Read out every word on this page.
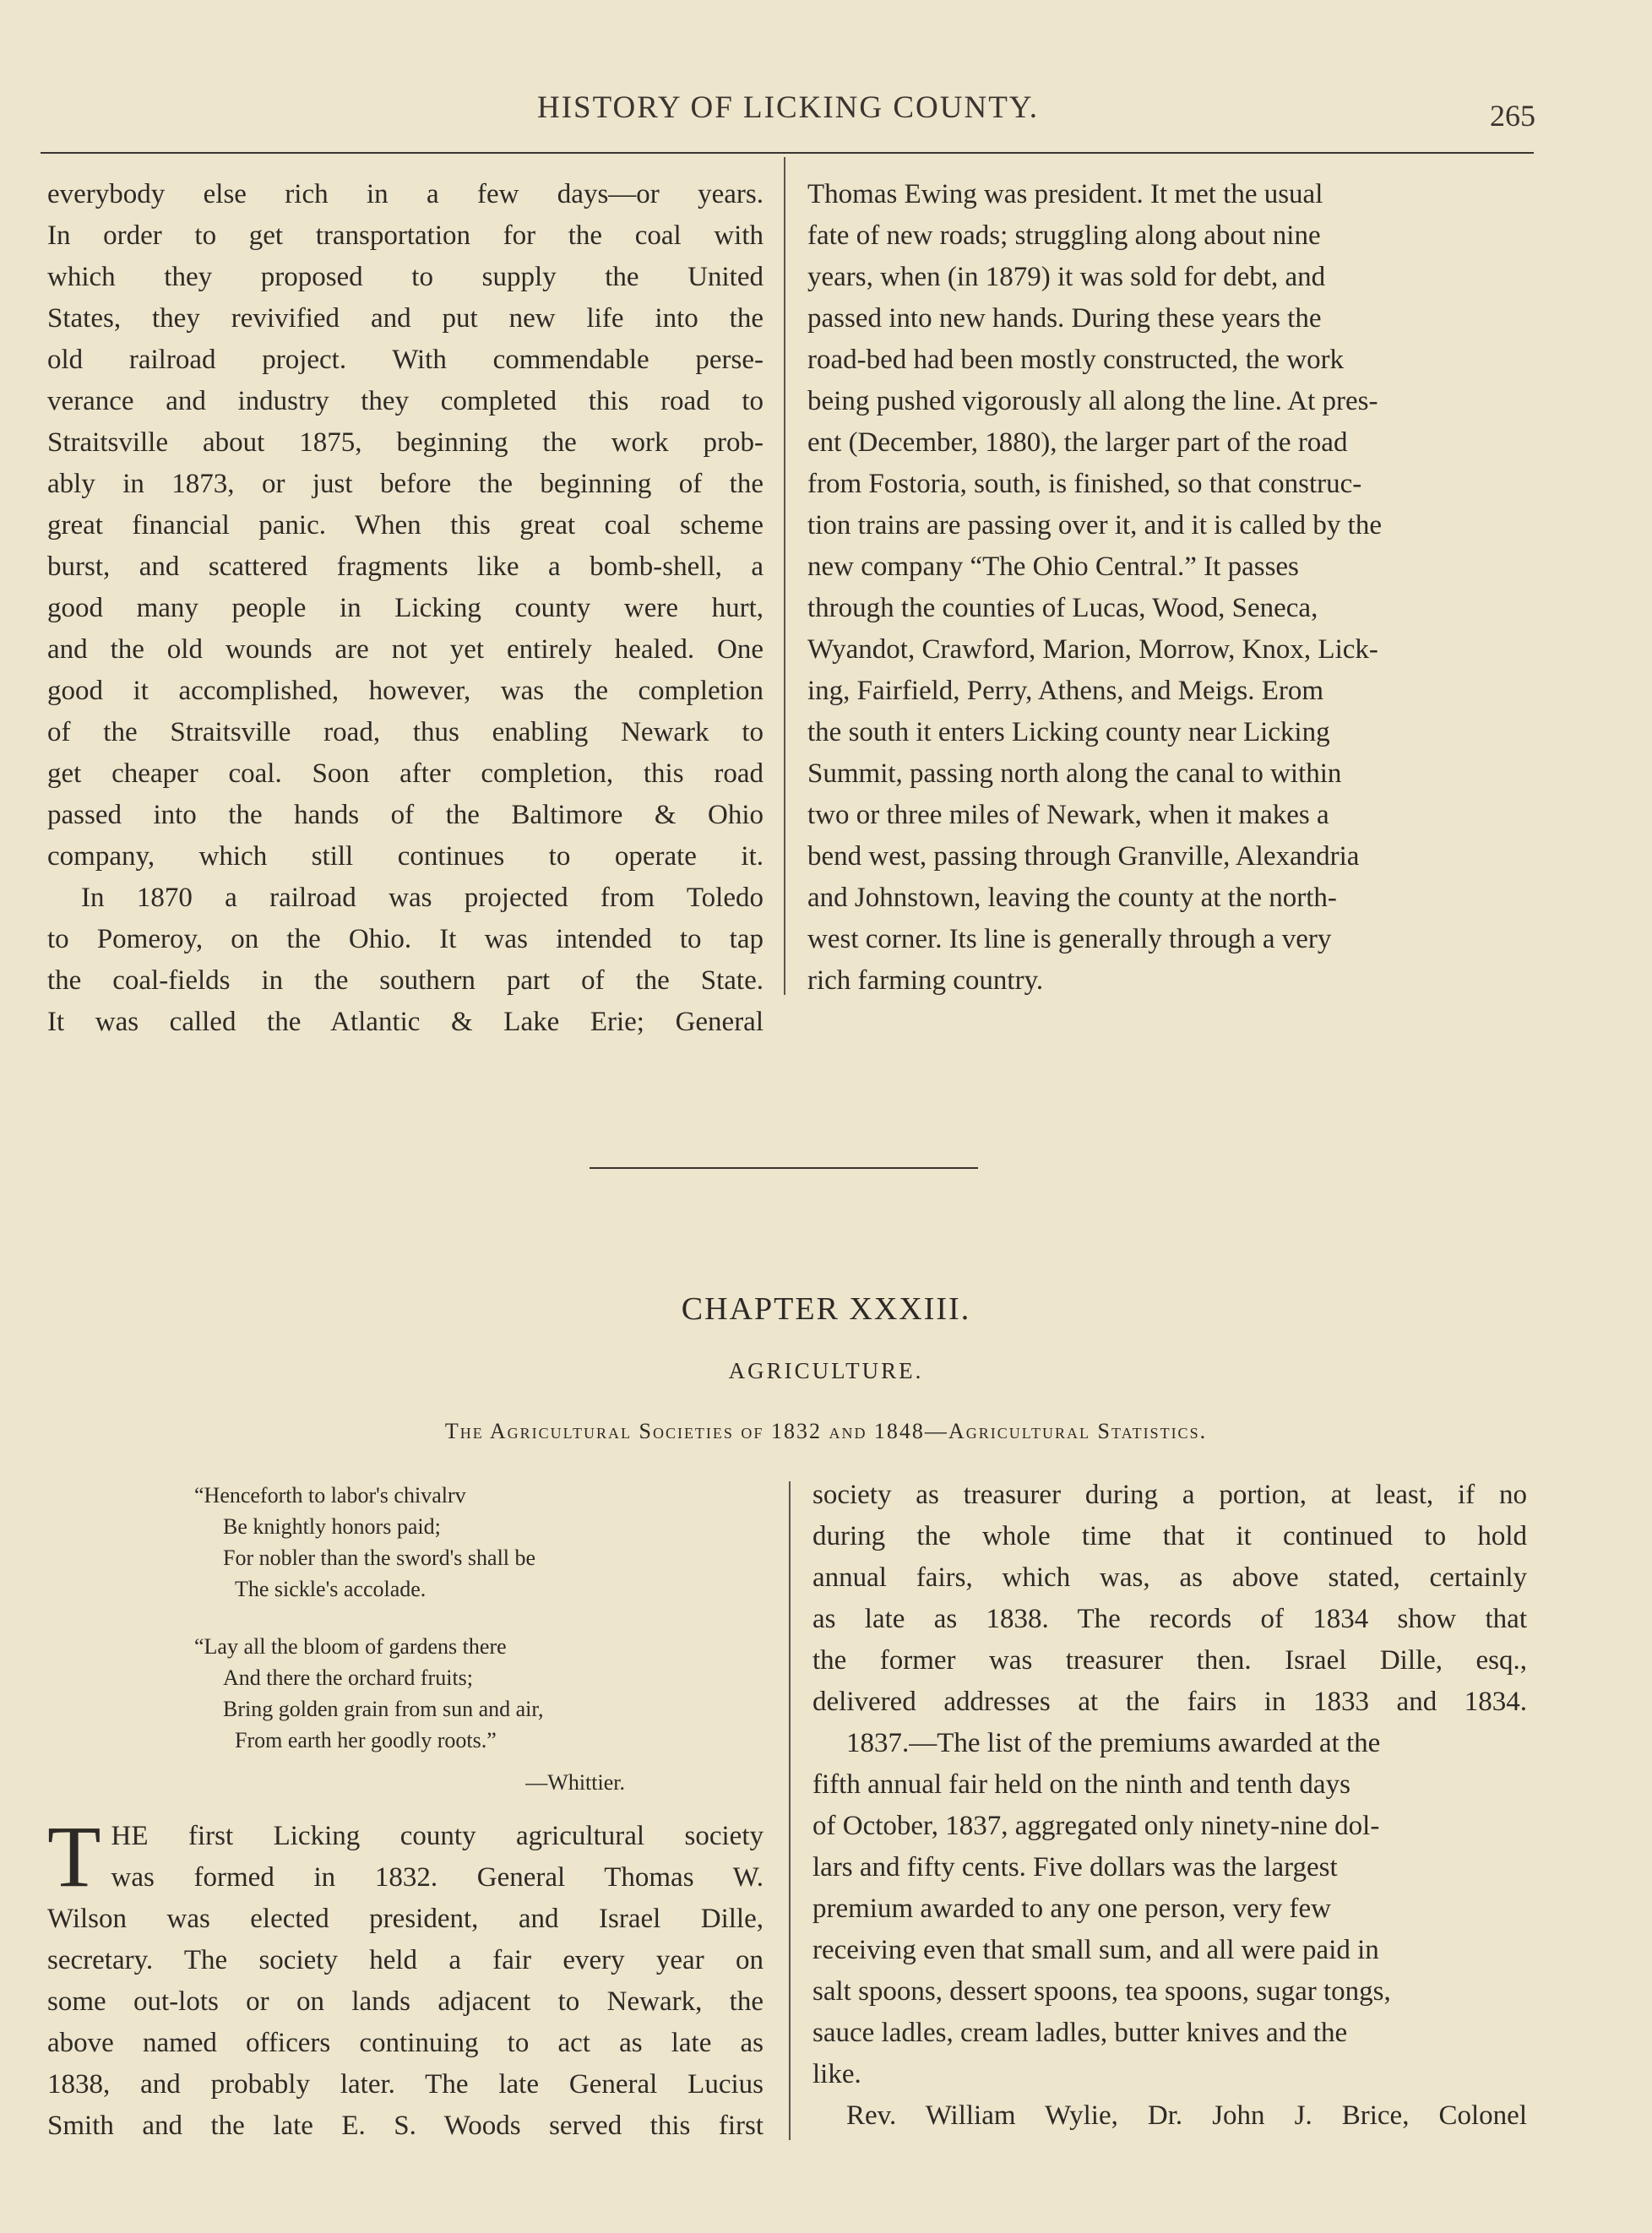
HISTORY OF LICKING COUNTY.	265

everybody else rich in a few days—or years.
In order to get transportation for the coal with
which they proposed to supply the United
States, they revivified and put new life into the
old railroad project. With commendable perse-
verance and industry they completed this road to
Straitsville about 1875, beginning the work prob-
ably in 1873, or just before the beginning of the
great financial panic. When this great coal scheme
burst, and scattered fragments like a bomb-shell, a
good many people in Licking county were hurt,
and the old wounds are not yet entirely healed. One
good it accomplished, however, was the completion
of the Straitsville road, thus enabling Newark to
get cheaper coal. Soon after completion, this road
passed into the hands of the Baltimore & Ohio
company, which still continues to operate it.

In 1870 a railroad was projected from Toledo
to Pomeroy, on the Ohio. It was intended to tap
the coal-fields in the southern part of the State.
It was called the Atlantic & Lake Erie; General

Thomas Ewing was president. It met the usual
fate of new roads; struggling along about nine
years, when (in 1879) it was sold for debt, and
passed into new hands. During these years the
road-bed had been mostly constructed, the work
being pushed vigorously all along the line. At pres-
ent (December, 1880), the larger part of the road
from Fostoria, south, is finished, so that construc-
tion trains are passing over it, and it is called by the
new company “The Ohio Central.” It passes
through the counties of Lucas, Wood, Seneca,
Wyandot, Crawford, Marion, Morrow, Knox, Lick-
ing, Fairfield, Perry, Athens, and Meigs. Erom
the south it enters Licking county near Licking
Summit, passing north along the canal to within
two or three miles of Newark, when it makes a
bend west, passing through Granville, Alexandria
and Johnstown, leaving the county at the north-
west corner. Its line is generally through a very
rich farming country.

CHAPTER XXXIII.
AGRICULTURE.
The Agricultural Societies of 1832 and 1848—Agricultural Statistics.
“Henceforth to labor's chivalrv
Be knightly honors paid;
For nobler than the sword's shall be
The sickle's accolade.
“Lay all the bloom of gardens there
And there the orchard fruits;
Bring golden grain from sun and air,
From earth her goodly roots.”
—Whittier.

T HE first Licking county agricultural society
was formed in 1832. General Thomas W.
Wilson was elected president, and Israel Dille,
secretary. The society held a fair every year on
some out-lots or on lands adjacent to Newark, the
above named officers continuing to act as late as
1838, and probably later. The late General Lucius
Smith and the late E. S. Woods served this first

society as treasurer during a portion, at least, if no
during the whole time that it continued to hold
annual fairs, which was, as above stated, certainly
as late as 1838. The records of 1834 show that
the former was treasurer then. Israel Dille, esq.,
delivered addresses at the fairs in 1833 and 1834.

1837.—The list of the premiums awarded at the
fifth annual fair held on the ninth and tenth days
of October, 1837, aggregated only ninety-nine dol-
lars and fifty cents. Five dollars was the largest
premium awarded to any one person, very few
receiving even that small sum, and all were paid in
salt spoons, dessert spoons, tea spoons, sugar tongs,
sauce ladles, cream ladles, butter knives and the
like.

Rev. William Wylie, Dr. John J. Brice, Colonel
